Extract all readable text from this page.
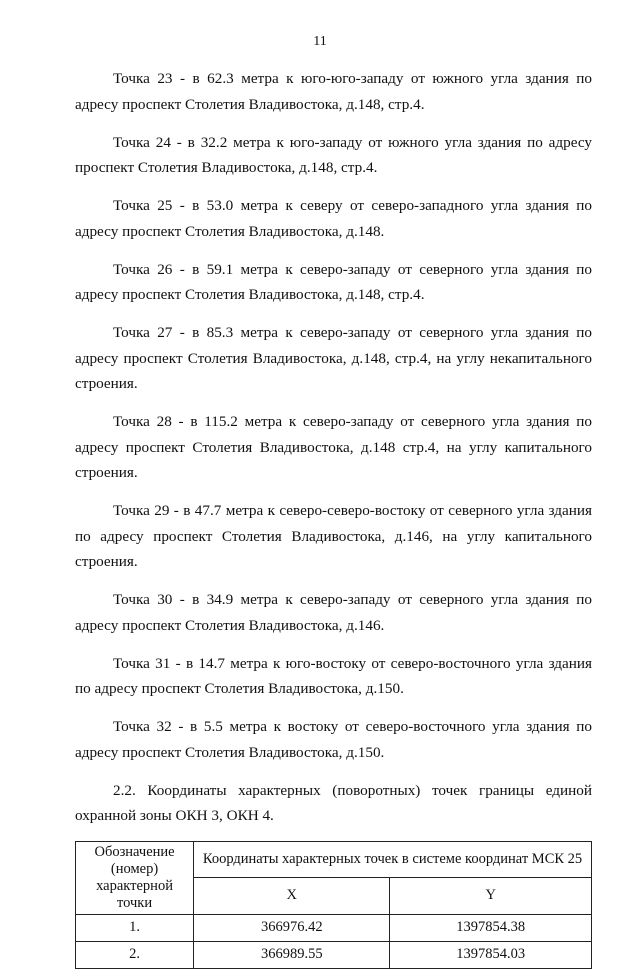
11

Точка 23 - в 62.3 метра к юго-юго-западу от южного угла здания по адресу проспект Столетия Владивостока, д.148, стр.4.

Точка 24 - в 32.2 метра к юго-западу от южного угла здания по адресу проспект Столетия Владивостока, д.148, стр.4.

Точка 25 - в 53.0 метра к северу от северо-западного угла здания по адресу проспект Столетия Владивостока, д.148.

Точка 26 - в 59.1 метра к северо-западу от северного угла здания по адресу проспект Столетия Владивостока, д.148, стр.4.

Точка 27 - в 85.3 метра к северо-западу от северного угла здания по адресу проспект Столетия Владивостока, д.148, стр.4, на углу некапитального строения.

Точка 28 - в 115.2 метра к северо-западу от северного угла здания по адресу проспект Столетия Владивостока, д.148 стр.4, на углу капитального строения.

Точка 29 - в 47.7 метра к северо-северо-востоку от северного угла здания по адресу проспект Столетия Владивостока, д.146, на углу капитального строения.

Точка 30 - в 34.9 метра к северо-западу от северного угла здания по адресу проспект Столетия Владивостока, д.146.

Точка 31 - в 14.7 метра к юго-востоку от северо-восточного угла здания по адресу проспект Столетия Владивостока, д.150.

Точка 32 - в 5.5 метра к востоку от северо-восточного угла здания по адресу проспект Столетия Владивостока, д.150.

2.2. Координаты характерных (поворотных) точек границы единой охранной зоны ОКН 3, ОКН 4.

Обозначение (номер) характерной точки	Координаты характерных точек в системе координат МСК 25	
	X	Y
1.	366976.42	1397854.38
2.	366989.55	1397854.03
